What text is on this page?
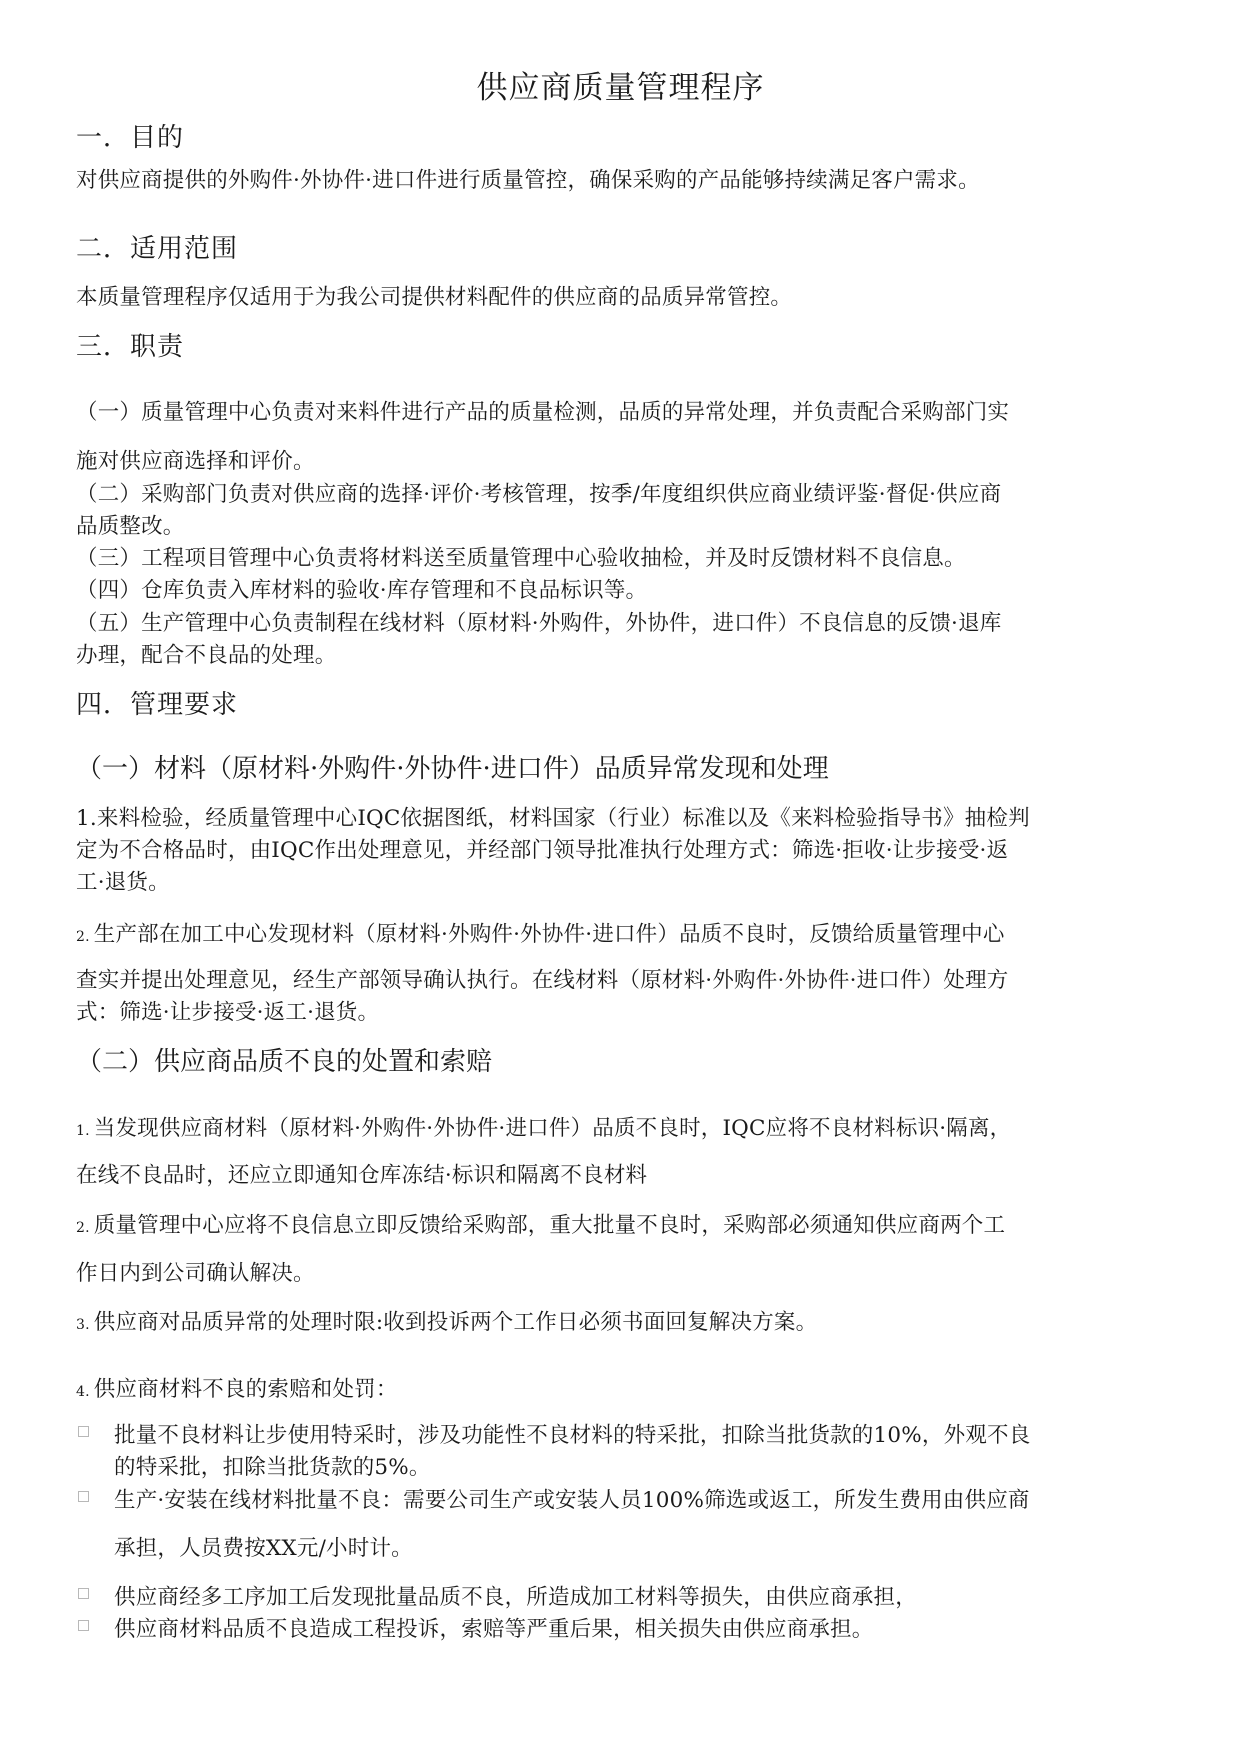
供应商质量管理程序
一．目的
对供应商提供的外购件·外协件·进口件进行质量管控，确保采购的产品能够持续满足客户需求。
二．适用范围
本质量管理程序仅适用于为我公司提供材料配件的供应商的品质异常管控。
三．职责
（一）质量管理中心负责对来料件进行产品的质量检测，品质的异常处理，并负责配合采购部门实
施对供应商选择和评价。
（二）采购部门负责对供应商的选择·评价·考核管理，按季/年度组织供应商业绩评鉴·督促·供应商
品质整改。
（三）工程项目管理中心负责将材料送至质量管理中心验收抽检，并及时反馈材料不良信息。
（四）仓库负责入库材料的验收·库存管理和不良品标识等。
（五）生产管理中心负责制程在线材料（原材料·外购件，外协件，进口件）不良信息的反馈·退库
办理，配合不良品的处理。
四．管理要求
（一）材料（原材料·外购件·外协件·进口件）品质异常发现和处理
1.来料检验，经质量管理中心IQC依据图纸，材料国家（行业）标准以及《来料检验指导书》抽检判
定为不合格品时，由IQC作出处理意见，并经部门领导批准执行处理方式：筛选·拒收·让步接受·返
工·退货。
2. 生产部在加工中心发现材料（原材料·外购件·外协件·进口件）品质不良时，反馈给质量管理中心
查实并提出处理意见，经生产部领导确认执行。在线材料（原材料·外购件·外协件·进口件）处理方
式：筛选·让步接受·返工·退货。
（二）供应商品质不良的处置和索赔
1. 当发现供应商材料（原材料·外购件·外协件·进口件）品质不良时，IQC应将不良材料标识·隔离，
在线不良品时，还应立即通知仓库冻结·标识和隔离不良材料
2. 质量管理中心应将不良信息立即反馈给采购部，重大批量不良时，采购部必须通知供应商两个工
作日内到公司确认解决。
3. 供应商对品质异常的处理时限:收到投诉两个工作日必须书面回复解决方案。
4. 供应商材料不良的索赔和处罚：
批量不良材料让步使用特采时，涉及功能性不良材料的特采批，扣除当批货款的10%，外观不良
的特采批，扣除当批货款的5%。
生产·安装在线材料批量不良：需要公司生产或安装人员100%筛选或返工，所发生费用由供应商
承担，人员费按XX元/小时计。
供应商经多工序加工后发现批量品质不良，所造成加工材料等损失，由供应商承担，
供应商材料品质不良造成工程投诉，索赔等严重后果，相关损失由供应商承担。
